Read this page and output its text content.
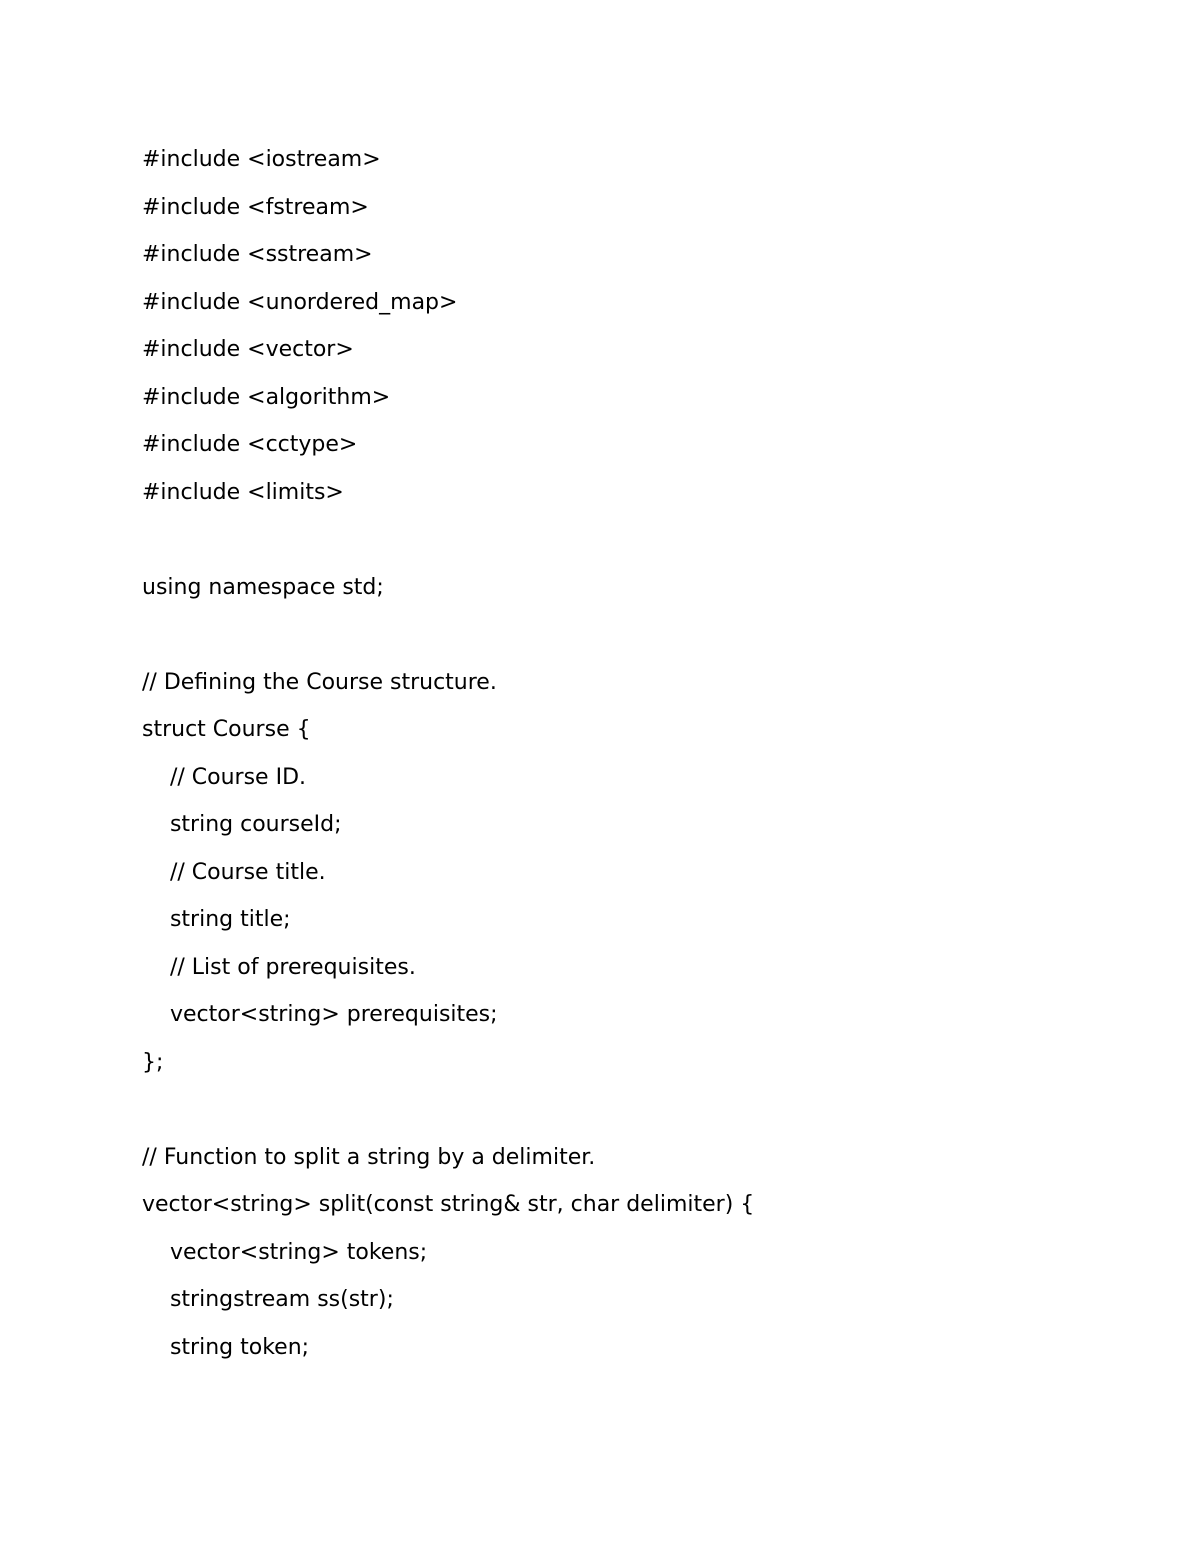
#include <iostream>
#include <fstream>
#include <sstream>
#include <unordered_map>
#include <vector>
#include <algorithm>
#include <cctype>
#include <limits>
using namespace std;
// Defining the Course structure.
struct Course {
// Course ID.
string courseId;
// Course title.
string title;
// List of prerequisites.
vector<string> prerequisites;
};
// Function to split a string by a delimiter.
vector<string> split(const string& str, char delimiter) {
vector<string> tokens;
stringstream ss(str);
string token;
